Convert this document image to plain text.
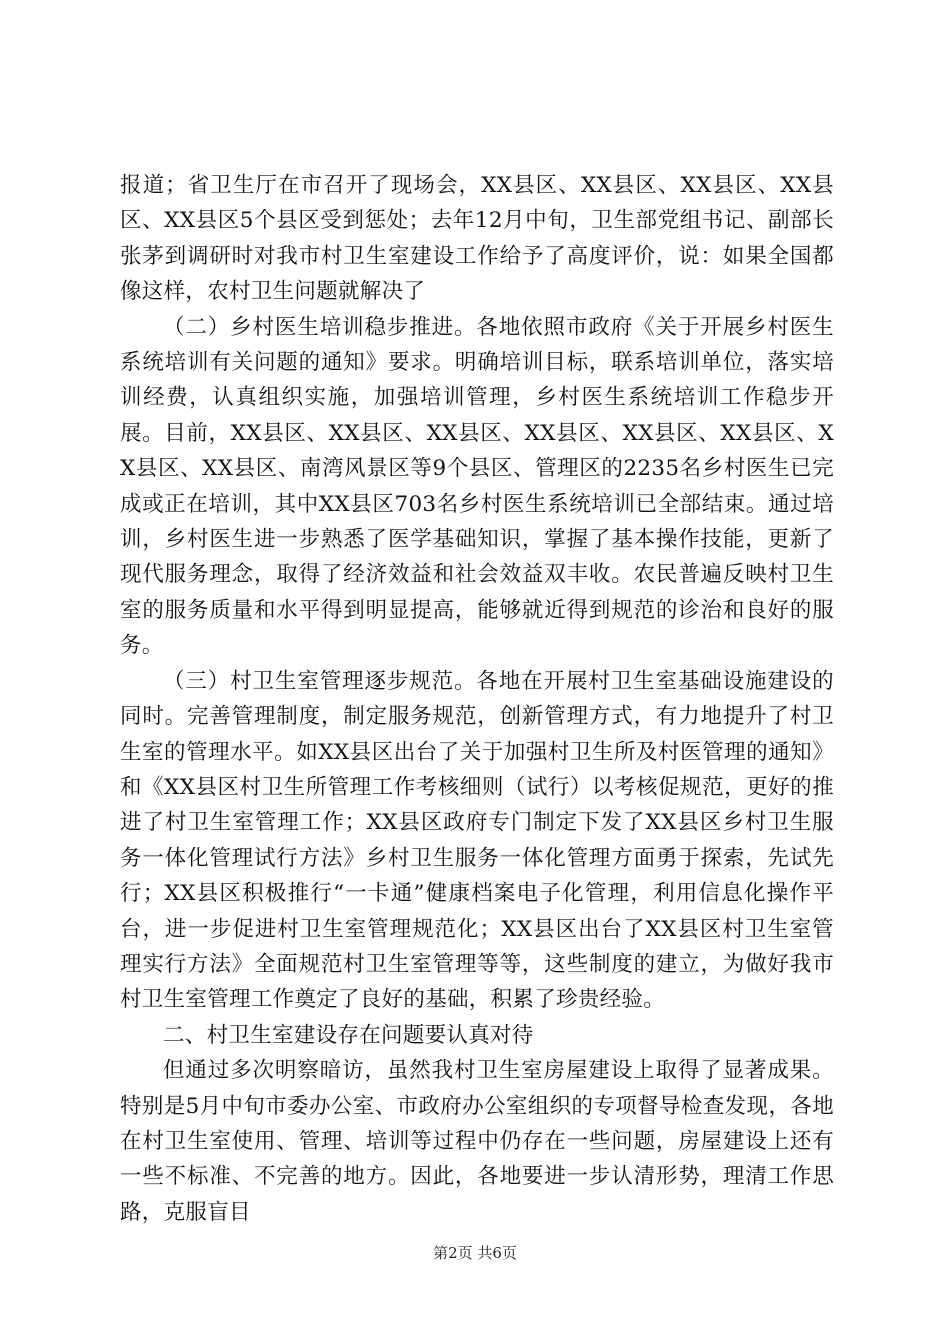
报道；省卫生厅在市召开了现场会，XX县区、XX县区、XX县区、XX县区、XX县区5个县区受到惩处；去年12月中旬，卫生部党组书记、副部长张茅到调研时对我市村卫生室建设工作给予了高度评价，说：如果全国都像这样，农村卫生问题就解决了

（二）乡村医生培训稳步推进。各地依照市政府《关于开展乡村医生系统培训有关问题的通知》要求。明确培训目标，联系培训单位，落实培训经费，认真组织实施，加强培训管理，乡村医生系统培训工作稳步开展。目前，XX县区、XX县区、XX县区、XX县区、XX县区、XX县区、XX县区、XX县区、南湾风景区等9个县区、管理区的2235名乡村医生已完成或正在培训，其中XX县区703名乡村医生系统培训已全部结束。通过培训，乡村医生进一步熟悉了医学基础知识，掌握了基本操作技能，更新了现代服务理念，取得了经济效益和社会效益双丰收。农民普遍反映村卫生室的服务质量和水平得到明显提高，能够就近得到规范的诊治和良好的服务。

（三）村卫生室管理逐步规范。各地在开展村卫生室基础设施建设的同时。完善管理制度，制定服务规范，创新管理方式，有力地提升了村卫生室的管理水平。如XX县区出台了关于加强村卫生所及村医管理的通知》和《XX县区村卫生所管理工作考核细则（试行）以考核促规范，更好的推进了村卫生室管理工作；XX县区政府专门制定下发了XX县区乡村卫生服务一体化管理试行方法》乡村卫生服务一体化管理方面勇于探索，先试先行；XX县区积极推行“一卡通”健康档案电子化管理，利用信息化操作平台，进一步促进村卫生室管理规范化；XX县区出台了XX县区村卫生室管理实行方法》全面规范村卫生室管理等等，这些制度的建立，为做好我市村卫生室管理工作奠定了良好的基础，积累了珍贵经验。

二、村卫生室建设存在问题要认真对待

但通过多次明察暗访，虽然我村卫生室房屋建设上取得了显著成果。特别是5月中旬市委办公室、市政府办公室组织的专项督导检查发现，各地在村卫生室使用、管理、培训等过程中仍存在一些问题，房屋建设上还有一些不标准、不完善的地方。因此，各地要进一步认清形势，理清工作思路，克服盲目

第2页 共6页
